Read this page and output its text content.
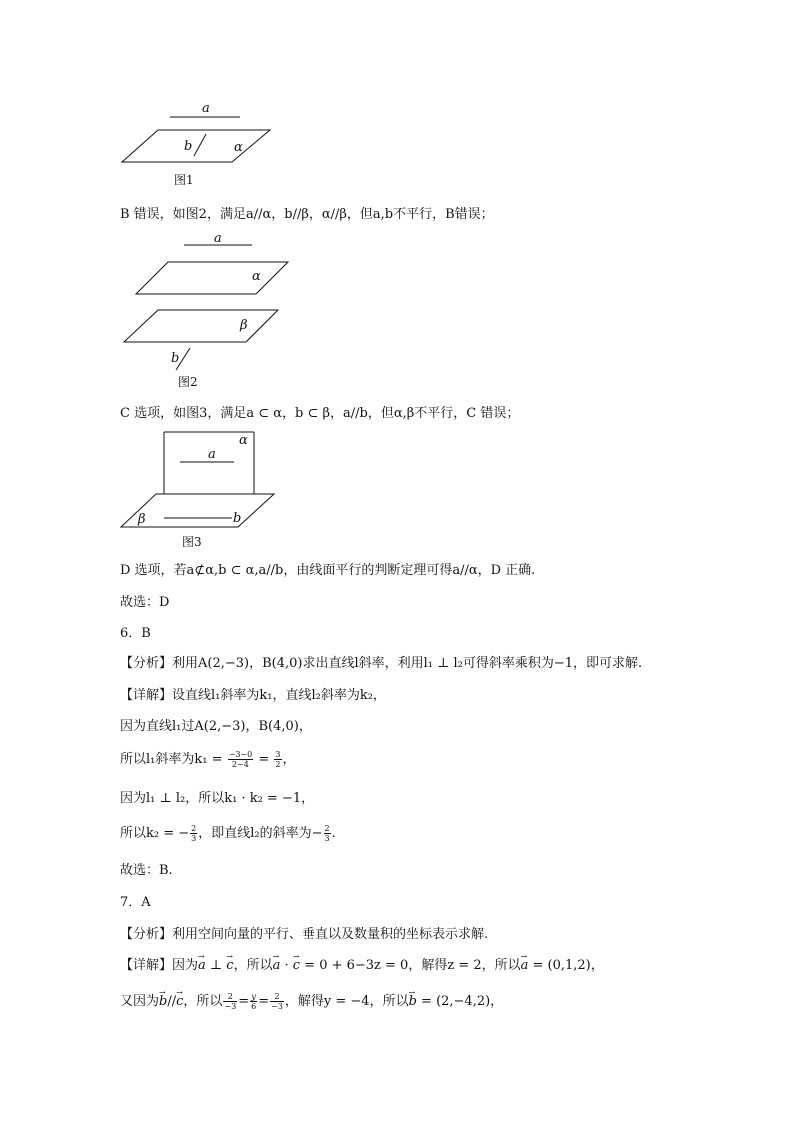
a
b	α
图1
B 错误，如图2，满足a//α，b//β，α//β，但a,b不平行，B错误；
a
α
β
b
图2
C 选项，如图3，满足a ⊂ α，b ⊂ β，a//b，但α,β不平行，C 错误；
α
a
β	b
图3
D 选项，若a⊄α,b ⊂ α,a//b，由线面平行的判断定理可得a//α，D 正确.
故选：D
6．B
【分析】利用A(2,−3)，B(4,0)求出直线l斜率，利用l₁ ⊥ l₂可得斜率乘积为−1，即可求解.
【详解】设直线l₁斜率为k₁，直线l₂斜率为k₂，
因为直线l₁过A(2,−3)，B(4,0)，
所以l₁斜率为$k_1 = \frac{-3-0}{2-4} = \frac{3}{2}$ ，
因为l₁ ⊥ l₂，所以k₁ · k₂ = −1，
所以k₂ = − $\frac{2}{3}$ ，即直线l₂的斜率为− $\frac{2}{3}$ .
故选：B.
7．A
【分析】利用空间向量的平行、垂直以及数量积的坐标表示求解.
【详解】因为a → ⊥ c →，所以a → · c → = 0 + 6−3z = 0，解得z = 2，所以a → = (0,1,2)，
又因为b →//c →，所以 $\frac{2}{-3} = \frac{y}{6} = \frac{2}{-3}$ ，解得y = −4，所以b → = (2,−4,2)，
